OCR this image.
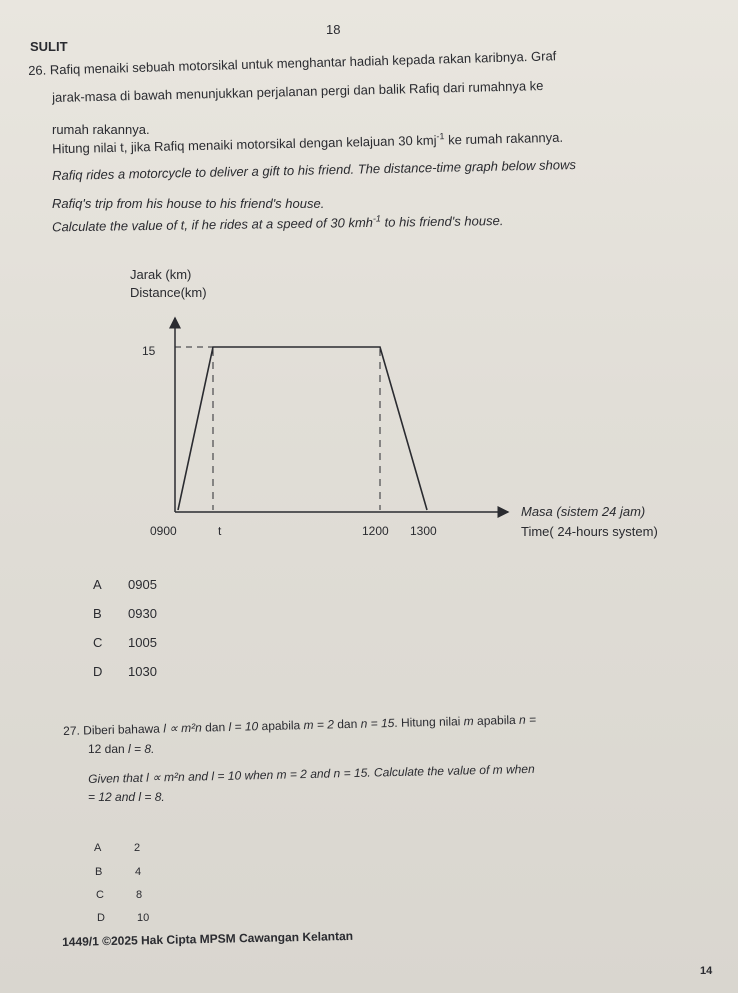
18
SULIT
26. Rafiq menaiki sebuah motorsikal untuk menghantar hadiah kepada rakan karibnya. Graf
jarak-masa di bawah menunjukkan perjalanan pergi dan balik Rafiq dari rumahnya ke
rumah rakannya.
Hitung nilai t, jika Rafiq menaiki motorsikal dengan kelajuan 30 kmj$^{-1}$ ke rumah rakannya.
Rafiq rides a motorcycle to deliver a gift to his friend. The distance-time graph below shows
Rafiq's trip from his house to his friend's house.
Calculate the value of t, if he rides at a speed of 30 kmh$^{-1}$ to his friend's house.
Jarak (km)
Distance(km)
15
0900	t	1200 1300
Masa (sistem 24 jam)
Time( 24-hours system)
A 0905
B 0930
C 1005
D 1030
27. Diberi bahawa l ∝ m²n dan l = 10 apabila m = 2 dan n = 15. Hitung nilai m apabila n =
12 dan l = 8.
Given that l ∝ m²n and l = 10 when m = 2 and n = 15. Calculate the value of m when
= 12 and l = 8.
A	2
B	4
C	8
D	10
1449/1 ©2025 Hak Cipta MPSM Cawangan Kelantan
14
